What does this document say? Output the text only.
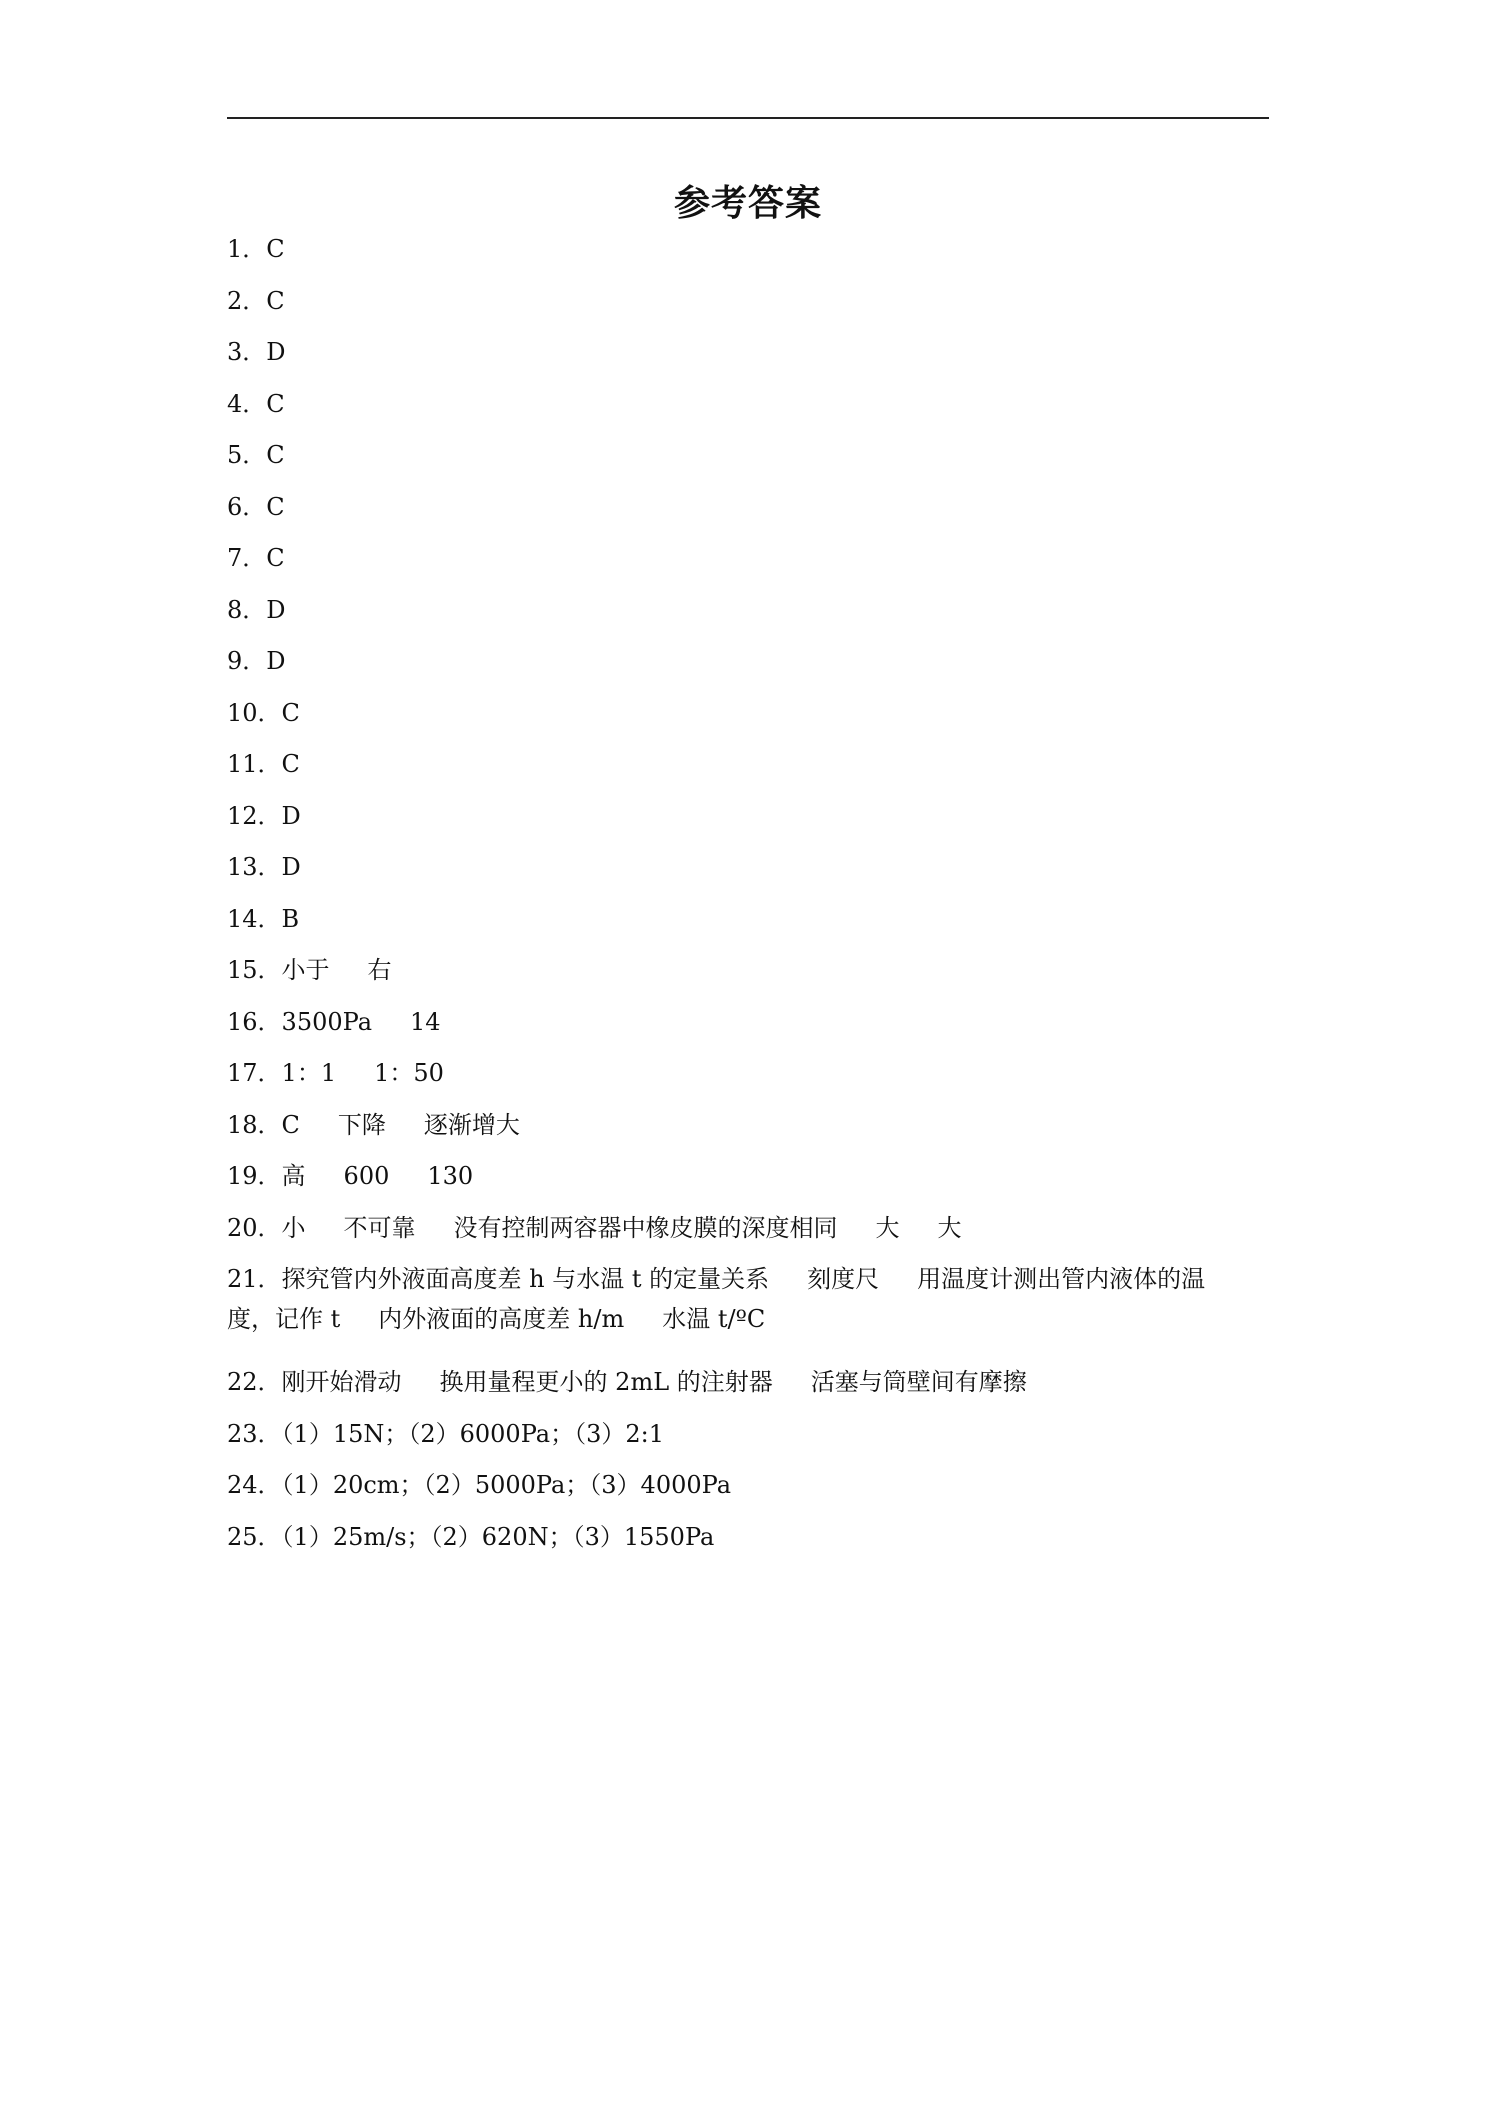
参考答案
1．C
2．C
3．D
4．C
5．C
6．C
7．C
8．D
9．D
10．C
11．C
12．D
13．D
14．B
15．小于 右
16．3500Pa 14
17．1：1 1：50
18．C 下降 逐渐增大
19．高 600 130
20．小 不可靠 没有控制两容器中橡皮膜的深度相同 大 大
21．探究管内外液面高度差 h 与水温 t 的定量关系 刻度尺 用温度计测出管内液体的温
度，记作 t 内外液面的高度差 h/m 水温 t/ºC
22．刚开始滑动 换用量程更小的 2mL 的注射器 活塞与筒壁间有摩擦
23．（1）15N；（2）6000Pa；（3）2:1
24．（1）20cm；（2）5000Pa；（3）4000Pa
25．（1）25m/s；（2）620N；（3）1550Pa
